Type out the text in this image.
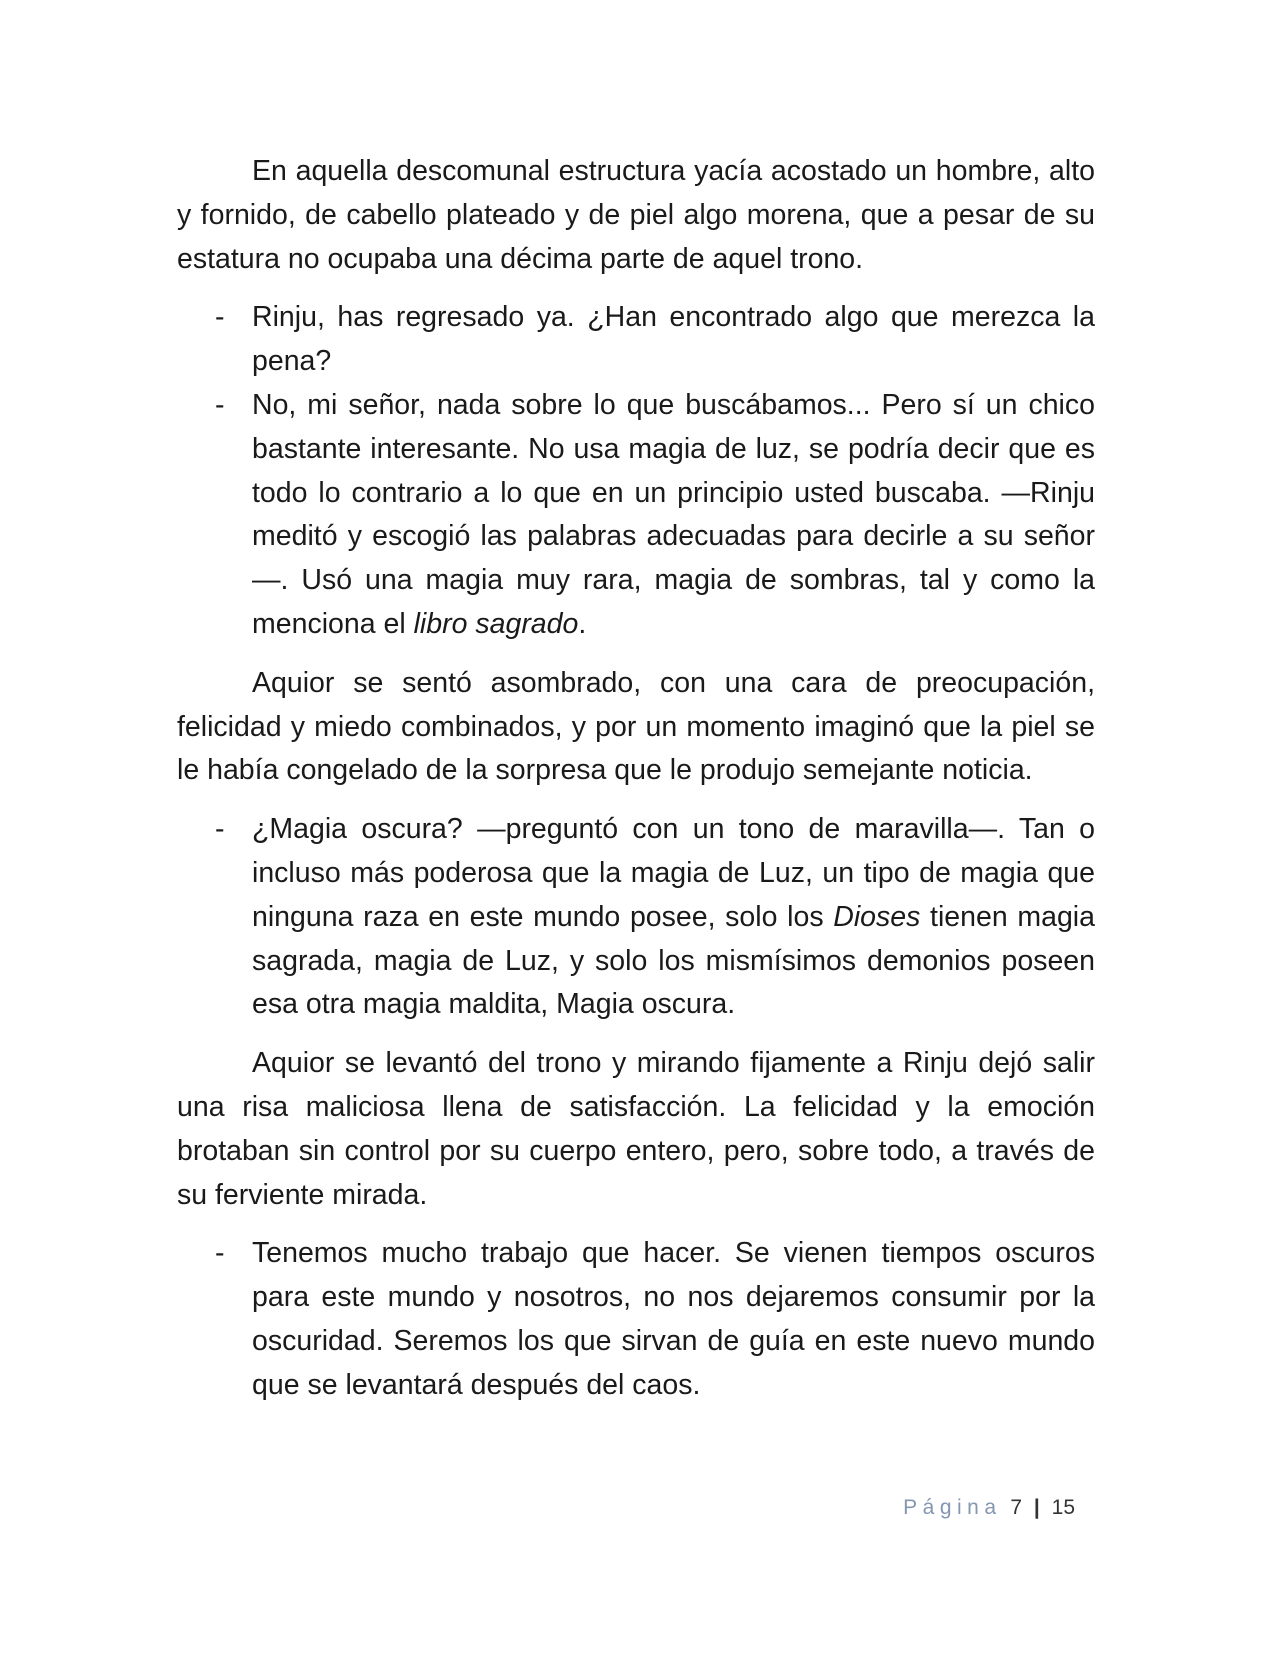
En aquella descomunal estructura yacía acostado un hombre, alto y fornido, de cabello plateado y de piel algo morena, que a pesar de su estatura no ocupaba una décima parte de aquel trono.

- Rinju, has regresado ya. ¿Han encontrado algo que merezca la pena?

- No, mi señor, nada sobre lo que buscábamos... Pero sí un chico bastante interesante. No usa magia de luz, se podría decir que es todo lo contrario a lo que en un principio usted buscaba. —Rinju meditó y escogió las palabras adecuadas para decirle a su señor—. Usó una magia muy rara, magia de sombras, tal y como la menciona el libro sagrado.

Aquior se sentó asombrado, con una cara de preocupación, felicidad y miedo combinados, y por un momento imaginó que la piel se le había congelado de la sorpresa que le produjo semejante noticia.

- ¿Magia oscura? —preguntó con un tono de maravilla—. Tan o incluso más poderosa que la magia de Luz, un tipo de magia que ninguna raza en este mundo posee, solo los Dioses tienen magia sagrada, magia de Luz, y solo los mismísimos demonios poseen esa otra magia maldita, Magia oscura.

Aquior se levantó del trono y mirando fijamente a Rinju dejó salir una risa maliciosa llena de satisfacción. La felicidad y la emoción brotaban sin control por su cuerpo entero, pero, sobre todo, a través de su ferviente mirada.

- Tenemos mucho trabajo que hacer. Se vienen tiempos oscuros para este mundo y nosotros, no nos dejaremos consumir por la oscuridad. Seremos los que sirvan de guía en este nuevo mundo que se levantará después del caos.

Página 7 | 15
